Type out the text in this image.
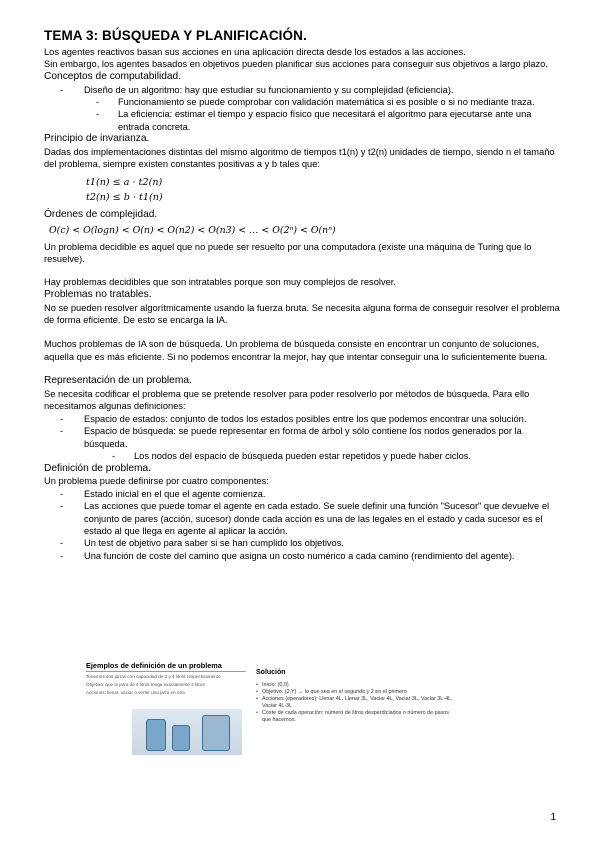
TEMA 3: BÚSQUEDA Y PLANIFICACIÓN.

Los agentes reactivos basan sus acciones en una aplicación directa desde los estados a las acciones.

Sin embargo, los agentes basados en objetivos pueden planificar sus acciones para conseguir sus objetivos a largo plazo.

Conceptos de computabilidad.
-	Diseño de un algoritmo: hay que estudiar su funcionamiento y su complejidad (eficiencia).
-	Funcionamiento se puede comprobar con validación matemática si es posible o si no mediante traza.
-	La eficiencia: estimar el tiempo y espacio físico que necesitará el algoritmo para ejecutarse ante una entrada concreta.
Principio de invarianza.

Dadas dos implementaciones distintas del mismo algoritmo de tiempos t1(n) y t2(n) unidades de tiempo, siendo n el tamaño del problema, siempre existen constantes positivas a y b tales que:

t1(n) ≤ a · t2(n)
t2(n) ≤ b · t1(n)
Órdenes de complejidad.
O(c) < O(logn) < O(n) < O(n2) < O(n3) < … < O(2ⁿ) < O(nⁿ)

Un problema decidible es aquel que no puede ser resuelto por una computadora (existe una máquina de Turing que lo resuelve).

Hay problemas decidibles que son intratables porque son muy complejos de resolver.

Problemas no tratables.

No se pueden resolver algorítmicamente usando la fuerza bruta. Se necesita alguna forma de conseguir resolver el problema de forma eficiente. De esto se encarga la IA.

Muchos problemas de IA son de búsqueda. Un problema de búsqueda consiste en encontrar un conjunto de soluciones, aquella que es más eficiente. Si no podemos encontrar la mejor, hay que intentar conseguir una lo suficientemente buena.

Representación de un problema.

Se necesita codificar el problema que se pretende resolver para poder resolverlo por métodos de búsqueda. Para ello necesitamos algunas definiciones:

-	Espacio de estados: conjunto de todos los estados posibles entre los que podemos encontrar una solución.
-	Espacio de búsqueda: se puede representar en forma de árbol y sólo contiene los nodos generados por la búsqueda.
-	Los nodos del espacio de búsqueda pueden estar repetidos y puede haber ciclos.
Definición de problema.

Un problema puede definirse por cuatro componentes:

-	Estado inicial en el que el agente comienza.
-	Las acciones que puede tomar el agente en cada estado. Se suele definir una función "Sucesor" que devuelve el conjunto de pares (acción, sucesor) donde cada acción es una de las legales en el estado y cada sucesor es el estado al que llega en agente al aplicar la acción.
-	Un test de objetivo para saber si se han cumplido los objetivos.
-	Una función de coste del camino que asigna un costo numérico a cada camino (rendimiento del agente).
Ejemplos de definición de un problema
Tenemos dos jarras con capacidad de 3 y 4 litros respectivamente
Objetivo: que la jarra de 4 litros tenga exactamente 2 litros
Acciones: llenar, vaciar o verter una jarra en otra
Solución
• Inicio: (0,0)
• Objetivo: (2,Y) → lo que sea en el segundo y 2 en el primero
• Acciones (operadores): Llenar 4L, Llenar 3L, Vaciar 4L, Vaciar 3L, Vaciar 3L-4L, Vaciar 4L-3L
• Coste de cada operación: número de litros desperdiciados o número de pasos que hacemos.
1
